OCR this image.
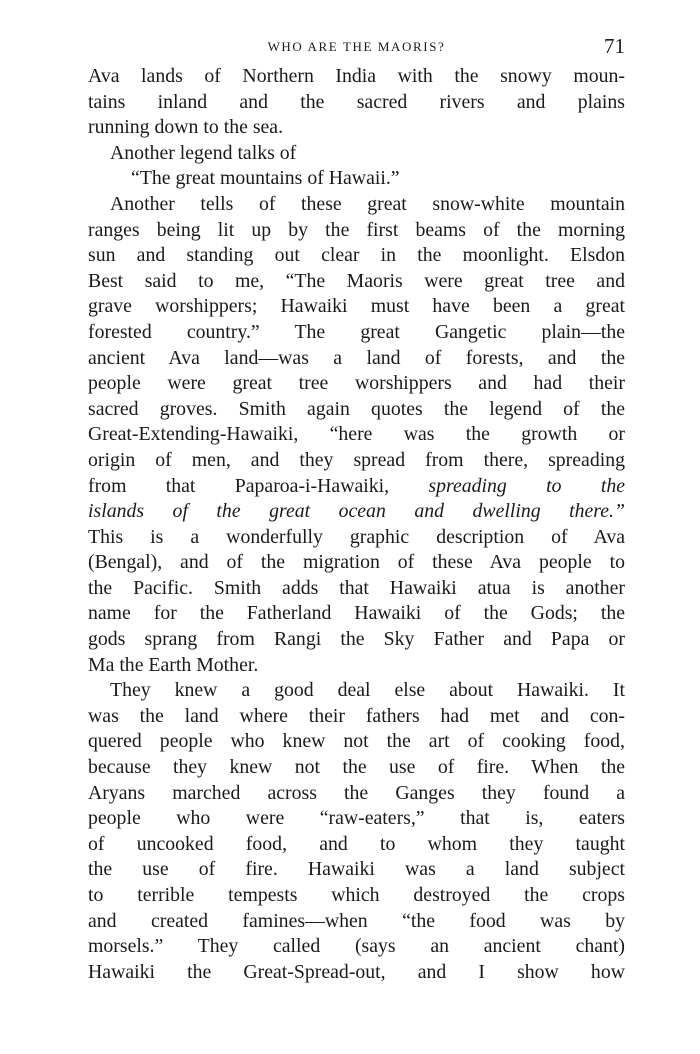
WHO ARE THE MAORIS?	71
Ava lands of Northern India with the snowy moun-
tains inland and the sacred rivers and plains
running down to the sea.
Another legend talks of
“The great mountains of Hawaii.”
Another tells of these great snow-white mountain
ranges being lit up by the first beams of the morning
sun and standing out clear in the moonlight. Elsdon
Best said to me, “The Maoris were great tree and
grave worshippers; Hawaiki must have been a great
forested country.” The great Gangetic plain—the
ancient Ava land—was a land of forests, and the
people were great tree worshippers and had their
sacred groves. Smith again quotes the legend of the
Great-Extending-Hawaiki, “here was the growth or
origin of men, and they spread from there, spreading
from that Paparoa-i-Hawaiki, spreading to the
islands of the great ocean and dwelling there.”
This is a wonderfully graphic description of Ava
(Bengal), and of the migration of these Ava people to
the Pacific. Smith adds that Hawaiki atua is another
name for the Fatherland Hawaiki of the Gods; the
gods sprang from Rangi the Sky Father and Papa or
Ma the Earth Mother.
They knew a good deal else about Hawaiki. It
was the land where their fathers had met and con-
quered people who knew not the art of cooking food,
because they knew not the use of fire. When the
Aryans marched across the Ganges they found a
people who were “raw-eaters,” that is, eaters
of uncooked food, and to whom they taught
the use of fire. Hawaiki was a land subject
to terrible tempests which destroyed the crops
and created famines—when “the food was by
morsels.” They called (says an ancient chant)
Hawaiki the Great-Spread-out, and I show how
